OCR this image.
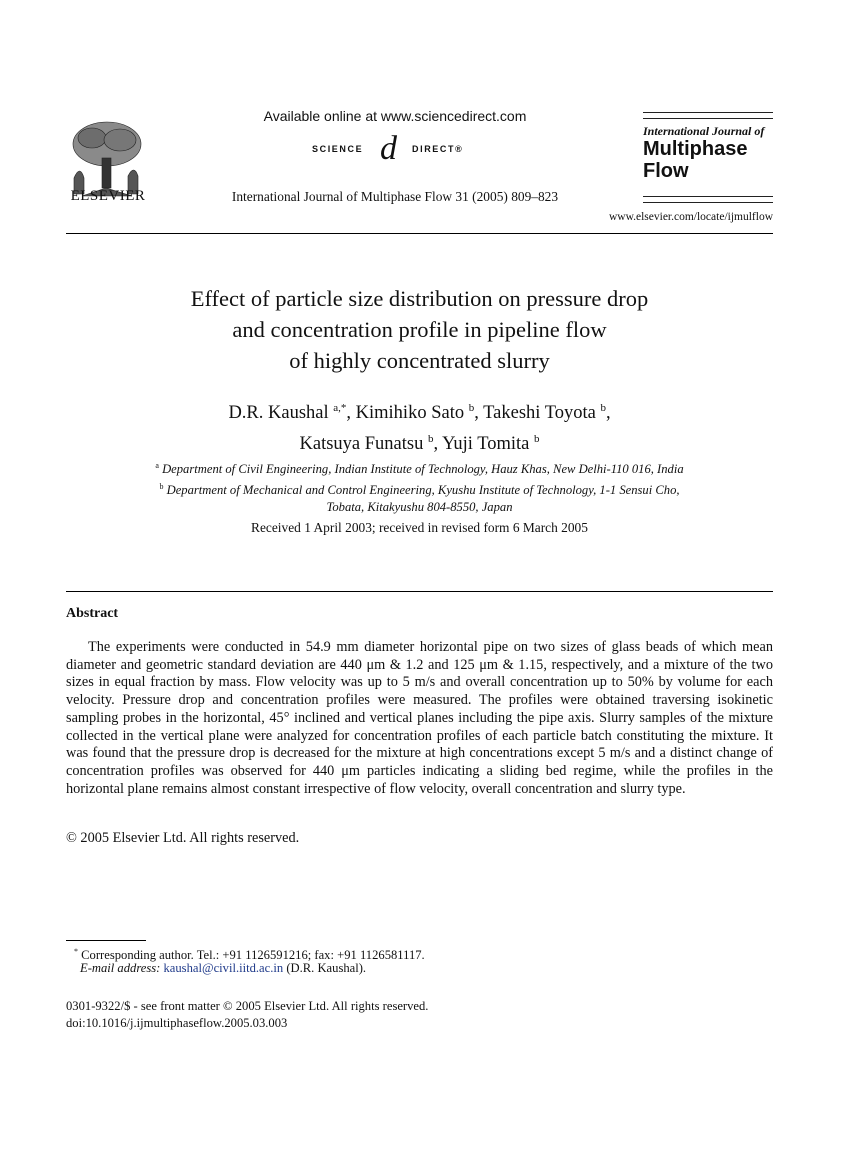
ELSEVIER
Available online at www.sciencedirect.com
SCIENCE d DIRECT®
International Journal of Multiphase Flow 31 (2005) 809–823
International Journal of
Multiphase
Flow
www.elsevier.com/locate/ijmulflow
Effect of particle size distribution on pressure drop
and concentration profile in pipeline flow
of highly concentrated slurry
D.R. Kaushal $^{a,*}$, Kimihiko Sato $^b$, Takeshi Toyota $^b$,
Katsuya Funatsu $^b$, Yuji Tomita $^b$
$^a$ Department of Civil Engineering, Indian Institute of Technology, Hauz Khas, New Delhi-110 016, India
$^b$ Department of Mechanical and Control Engineering, Kyushu Institute of Technology, 1-1 Sensui Cho,
Tobata, Kitakyushu 804-8550, Japan
Received 1 April 2003; received in revised form 6 March 2005
Abstract
The experiments were conducted in 54.9 mm diameter horizontal pipe on two sizes of glass beads of which mean diameter and geometric standard deviation are 440 μm & 1.2 and 125 μm & 1.15, respectively, and a mixture of the two sizes in equal fraction by mass. Flow velocity was up to 5 m/s and overall concentration up to 50% by volume for each velocity. Pressure drop and concentration profiles were measured. The profiles were obtained traversing isokinetic sampling probes in the horizontal, 45° inclined and vertical planes including the pipe axis. Slurry samples of the mixture collected in the vertical plane were analyzed for concentration profiles of each particle batch constituting the mixture. It was found that the pressure drop is decreased for the mixture at high concentrations except 5 m/s and a distinct change of concentration profiles was observed for 440 μm particles indicating a sliding bed regime, while the profiles in the horizontal plane remains almost constant irrespective of flow velocity, overall concentration and slurry type.
© 2005 Elsevier Ltd. All rights reserved.
* Corresponding author. Tel.: +91 1126591216; fax: +91 1126581117.
E-mail address: kaushal@civil.iitd.ac.in (D.R. Kaushal).
0301-9322/$ - see front matter © 2005 Elsevier Ltd. All rights reserved.
doi:10.1016/j.ijmultiphaseflow.2005.03.003
